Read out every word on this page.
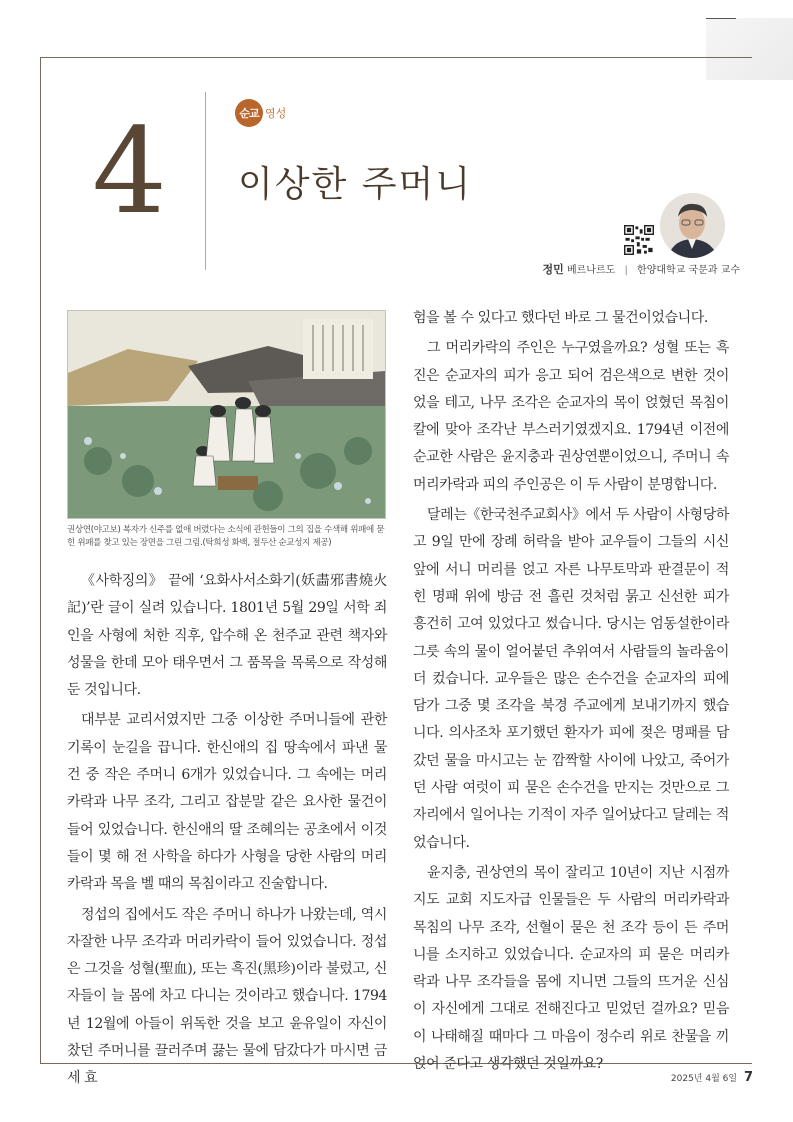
4	순교 영성
이상한 주머니
정민 베르나르도 | 한양대학교 국문과 교수
권상연(야고보) 복자가 신주를 없애 버렸다는 소식에 관헌들이 그의 집을 수색해 위패에 묻힌 위패를 찾고 있는 장면을 그린 그림.(탁희성 화백, 절두산 순교성지 제공)

《사학징의》 끝에 ‘요화사서소화기(妖畵邪書燒火記)’란 글이 실려 있습니다. 1801년 5월 29일 서학 죄인을 사형에 처한 직후, 압수해 온 천주교 관련 책자와 성물을 한데 모아 태우면서 그 품목을 목록으로 작성해 둔 것입니다.

대부분 교리서였지만 그중 이상한 주머니들에 관한 기록이 눈길을 끕니다. 한신애의 집 땅속에서 파낸 물건 중 작은 주머니 6개가 있었습니다. 그 속에는 머리카락과 나무 조각, 그리고 잡분말 같은 요사한 물건이 들어 있었습니다. 한신애의 딸 조혜의는 공초에서 이것들이 몇 해 전 사학을 하다가 사형을 당한 사람의 머리카락과 목을 벨 때의 목침이라고 진술합니다.

정섭의 집에서도 작은 주머니 하나가 나왔는데, 역시 자잘한 나무 조각과 머리카락이 들어 있었습니다. 정섭은 그것을 성혈(聖血), 또는 흑진(黑珍)이라 불렀고, 신자들이 늘 몸에 차고 다니는 것이라고 했습니다. 1794년 12월에 아들이 위독한 것을 보고 윤유일이 자신이 찼던 주머니를 끌러주며 끓는 물에 담갔다가 마시면 금세 효

험을 볼 수 있다고 했다던 바로 그 물건이었습니다.

그 머리카락의 주인은 누구였을까요? 성혈 또는 흑진은 순교자의 피가 응고 되어 검은색으로 변한 것이었을 테고, 나무 조각은 순교자의 목이 얹혔던 목침이 칼에 맞아 조각난 부스러기였겠지요. 1794년 이전에 순교한 사람은 윤지충과 권상연뿐이었으니, 주머니 속 머리카락과 피의 주인공은 이 두 사람이 분명합니다.

달레는《한국천주교회사》에서 두 사람이 사형당하고 9일 만에 장례 허락을 받아 교우들이 그들의 시신 앞에 서니 머리를 얹고 자른 나무토막과 판결문이 적힌 명패 위에 방금 전 흘린 것처럼 묽고 신선한 피가 흥건히 고여 있었다고 썼습니다. 당시는 엄동설한이라 그릇 속의 물이 얼어붙던 추위여서 사람들의 놀라움이 더 컸습니다. 교우들은 많은 손수건을 순교자의 피에 담가 그중 몇 조각을 북경 주교에게 보내기까지 했습니다. 의사조차 포기했던 환자가 피에 젖은 명패를 담갔던 물을 마시고는 눈 깜짝할 사이에 나았고, 죽어가던 사람 여럿이 피 묻은 손수건을 만지는 것만으로 그 자리에서 일어나는 기적이 자주 일어났다고 달레는 적었습니다.

윤지충, 권상연의 목이 잘리고 10년이 지난 시점까지도 교회 지도자급 인물들은 두 사람의 머리카락과 목침의 나무 조각, 선혈이 묻은 천 조각 등이 든 주머니를 소지하고 있었습니다. 순교자의 피 묻은 머리카락과 나무 조각들을 몸에 지니면 그들의 뜨거운 신심이 자신에게 그대로 전해진다고 믿었던 걸까요? 믿음이 나태해질 때마다 그 마음이 정수리 위로 찬물을 끼얹어 준다고 생각했던 것일까요?

2025년 4월 6일 7
